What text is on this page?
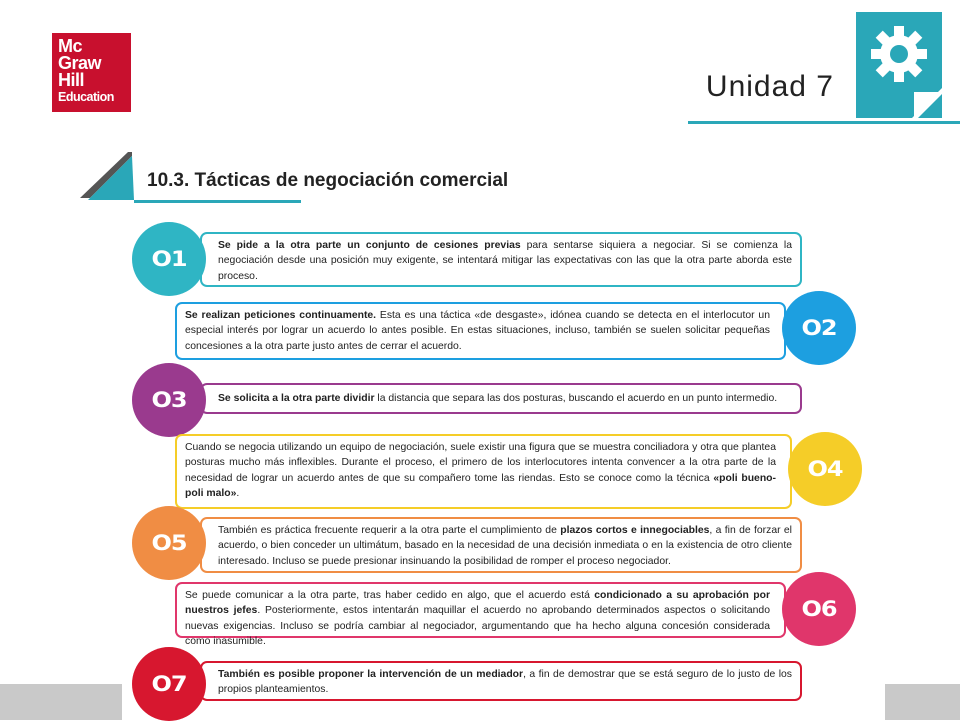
Mc
Graw
Hill
Education	Unidad 7
10.3. Tácticas de negociación comercial
Se pide a la otra parte un conjunto de cesiones previas para sentarse siquiera a negociar. Si se comienza la negociación desde una posición muy exigente, se intentará mitigar las expectativas con las que la otra parte aborda este proceso.
O1
Se realizan peticiones continuamente. Esta es una táctica «de desgaste», idónea cuando se detecta en el interlocutor un especial interés por lograr un acuerdo lo antes posible. En estas situaciones, incluso, también se suelen solicitar pequeñas concesiones a la otra parte justo antes de cerrar el acuerdo.
O2
Se solicita a la otra parte dividir la distancia que separa las dos posturas, buscando el acuerdo en un punto intermedio.
O3
Cuando se negocia utilizando un equipo de negociación, suele existir una figura que se muestra conciliadora y otra que plantea posturas mucho más inflexibles. Durante el proceso, el primero de los interlocutores intenta convencer a la otra parte de la necesidad de lograr un acuerdo antes de que su compañero tome las riendas. Esto se conoce como la técnica «poli bueno-poli malo».
O4
También es práctica frecuente requerir a la otra parte el cumplimiento de plazos cortos e innegociables, a fin de forzar el acuerdo, o bien conceder un ultimátum, basado en la necesidad de una decisión inmediata o en la existencia de otro cliente interesado. Incluso se puede presionar insinuando la posibilidad de romper el proceso negociador.
O5
Se puede comunicar a la otra parte, tras haber cedido en algo, que el acuerdo está condicionado a su aprobación por nuestros jefes. Posteriormente, estos intentarán maquillar el acuerdo no aprobando determinados aspectos o solicitando nuevas exigencias. Incluso se podría cambiar al negociador, argumentando que ha hecho alguna concesión considerada como inasumible.
O6
También es posible proponer la intervención de un mediador, a fin de demostrar que se está seguro de lo justo de los propios planteamientos.
O7
